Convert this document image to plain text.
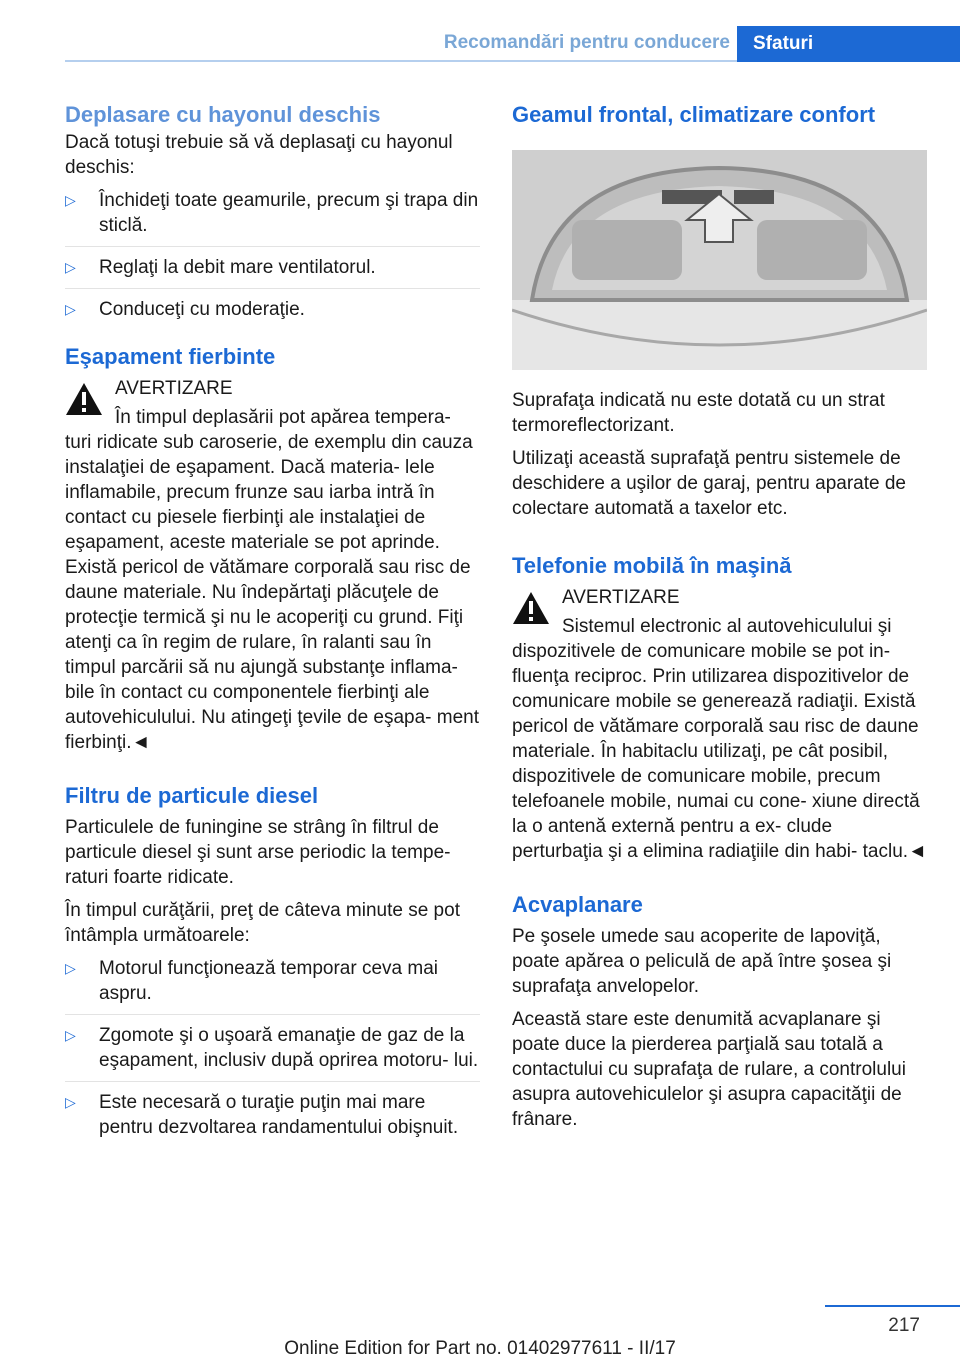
Recomandări pentru conducere	Sfaturi
Deplasare cu hayonul deschis

Dacă totuşi trebuie să vă deplasaţi cu hayonul deschis:

▷ Închideţi toate geamurile, precum şi trapa din sticlă.
▷ Reglaţi la debit mare ventilatorul.
▷ Conduceţi cu moderaţie.
Eşapament fierbinte

AVERTIZARE

În timpul deplasării pot apărea tempera-

turi ridicate sub caroserie, de exemplu din cauza instalaţiei de eşapament. Dacă materia- lele inflamabile, precum frunze sau iarba intră în contact cu piesele fierbinţi ale instalaţiei de eşapament, aceste materiale se pot aprinde. Există pericol de vătămare corporală sau risc de daune materiale. Nu îndepărtaţi plăcuţele de protecţie termică şi nu le acoperiţi cu grund. Fiţi atenţi ca în regim de rulare, în ralanti sau în timpul parcării să nu ajungă substanţe inflama- bile în contact cu componentele fierbinţi ale autovehiculului. Nu atingeţi ţevile de eşapa- ment fierbinţi.◄

Filtru de particule diesel

Particulele de funingine se strâng în filtrul de particule diesel şi sunt arse periodic la tempe- raturi foarte ridicate.

În timpul curăţării, preţ de câteva minute se pot întâmpla următoarele:

▷ Motorul funcţionează temporar ceva mai aspru.
▷ Zgomote şi o uşoară emanaţie de gaz de la eşapament, inclusiv după oprirea motoru- lui.
▷ Este necesară o turaţie puţin mai mare pentru dezvoltarea randamentului obişnuit.
Geamul frontal, climatizare confort

Suprafaţa indicată nu este dotată cu un strat termoreflectorizant.

Utilizaţi această suprafaţă pentru sistemele de deschidere a uşilor de garaj, pentru aparate de colectare automată a taxelor etc.

Telefonie mobilă în maşină

AVERTIZARE

Sistemul electronic al autovehiculului şi

dispozitivele de comunicare mobile se pot in- fluenţa reciproc. Prin utilizarea dispozitivelor de comunicare mobile se generează radiaţii. Există pericol de vătămare corporală sau risc de daune materiale. În habitaclu utilizaţi, pe cât posibil, dispozitivele de comunicare mobile, precum telefoanele mobile, numai cu cone- xiune directă la o antenă externă pentru a ex- clude perturbaţia şi a elimina radiaţiile din habi- taclu.◄

Acvaplanare

Pe şosele umede sau acoperite de lapoviţă, poate apărea o peliculă de apă între şosea şi suprafaţa anvelopelor.

Această stare este denumită acvaplanare şi poate duce la pierderea parţială sau totală a contactului cu suprafaţa de rulare, a controlului asupra autovehiculelor şi asupra capacităţii de frânare.

217
Online Edition for Part no. 01402977611 - II/17
